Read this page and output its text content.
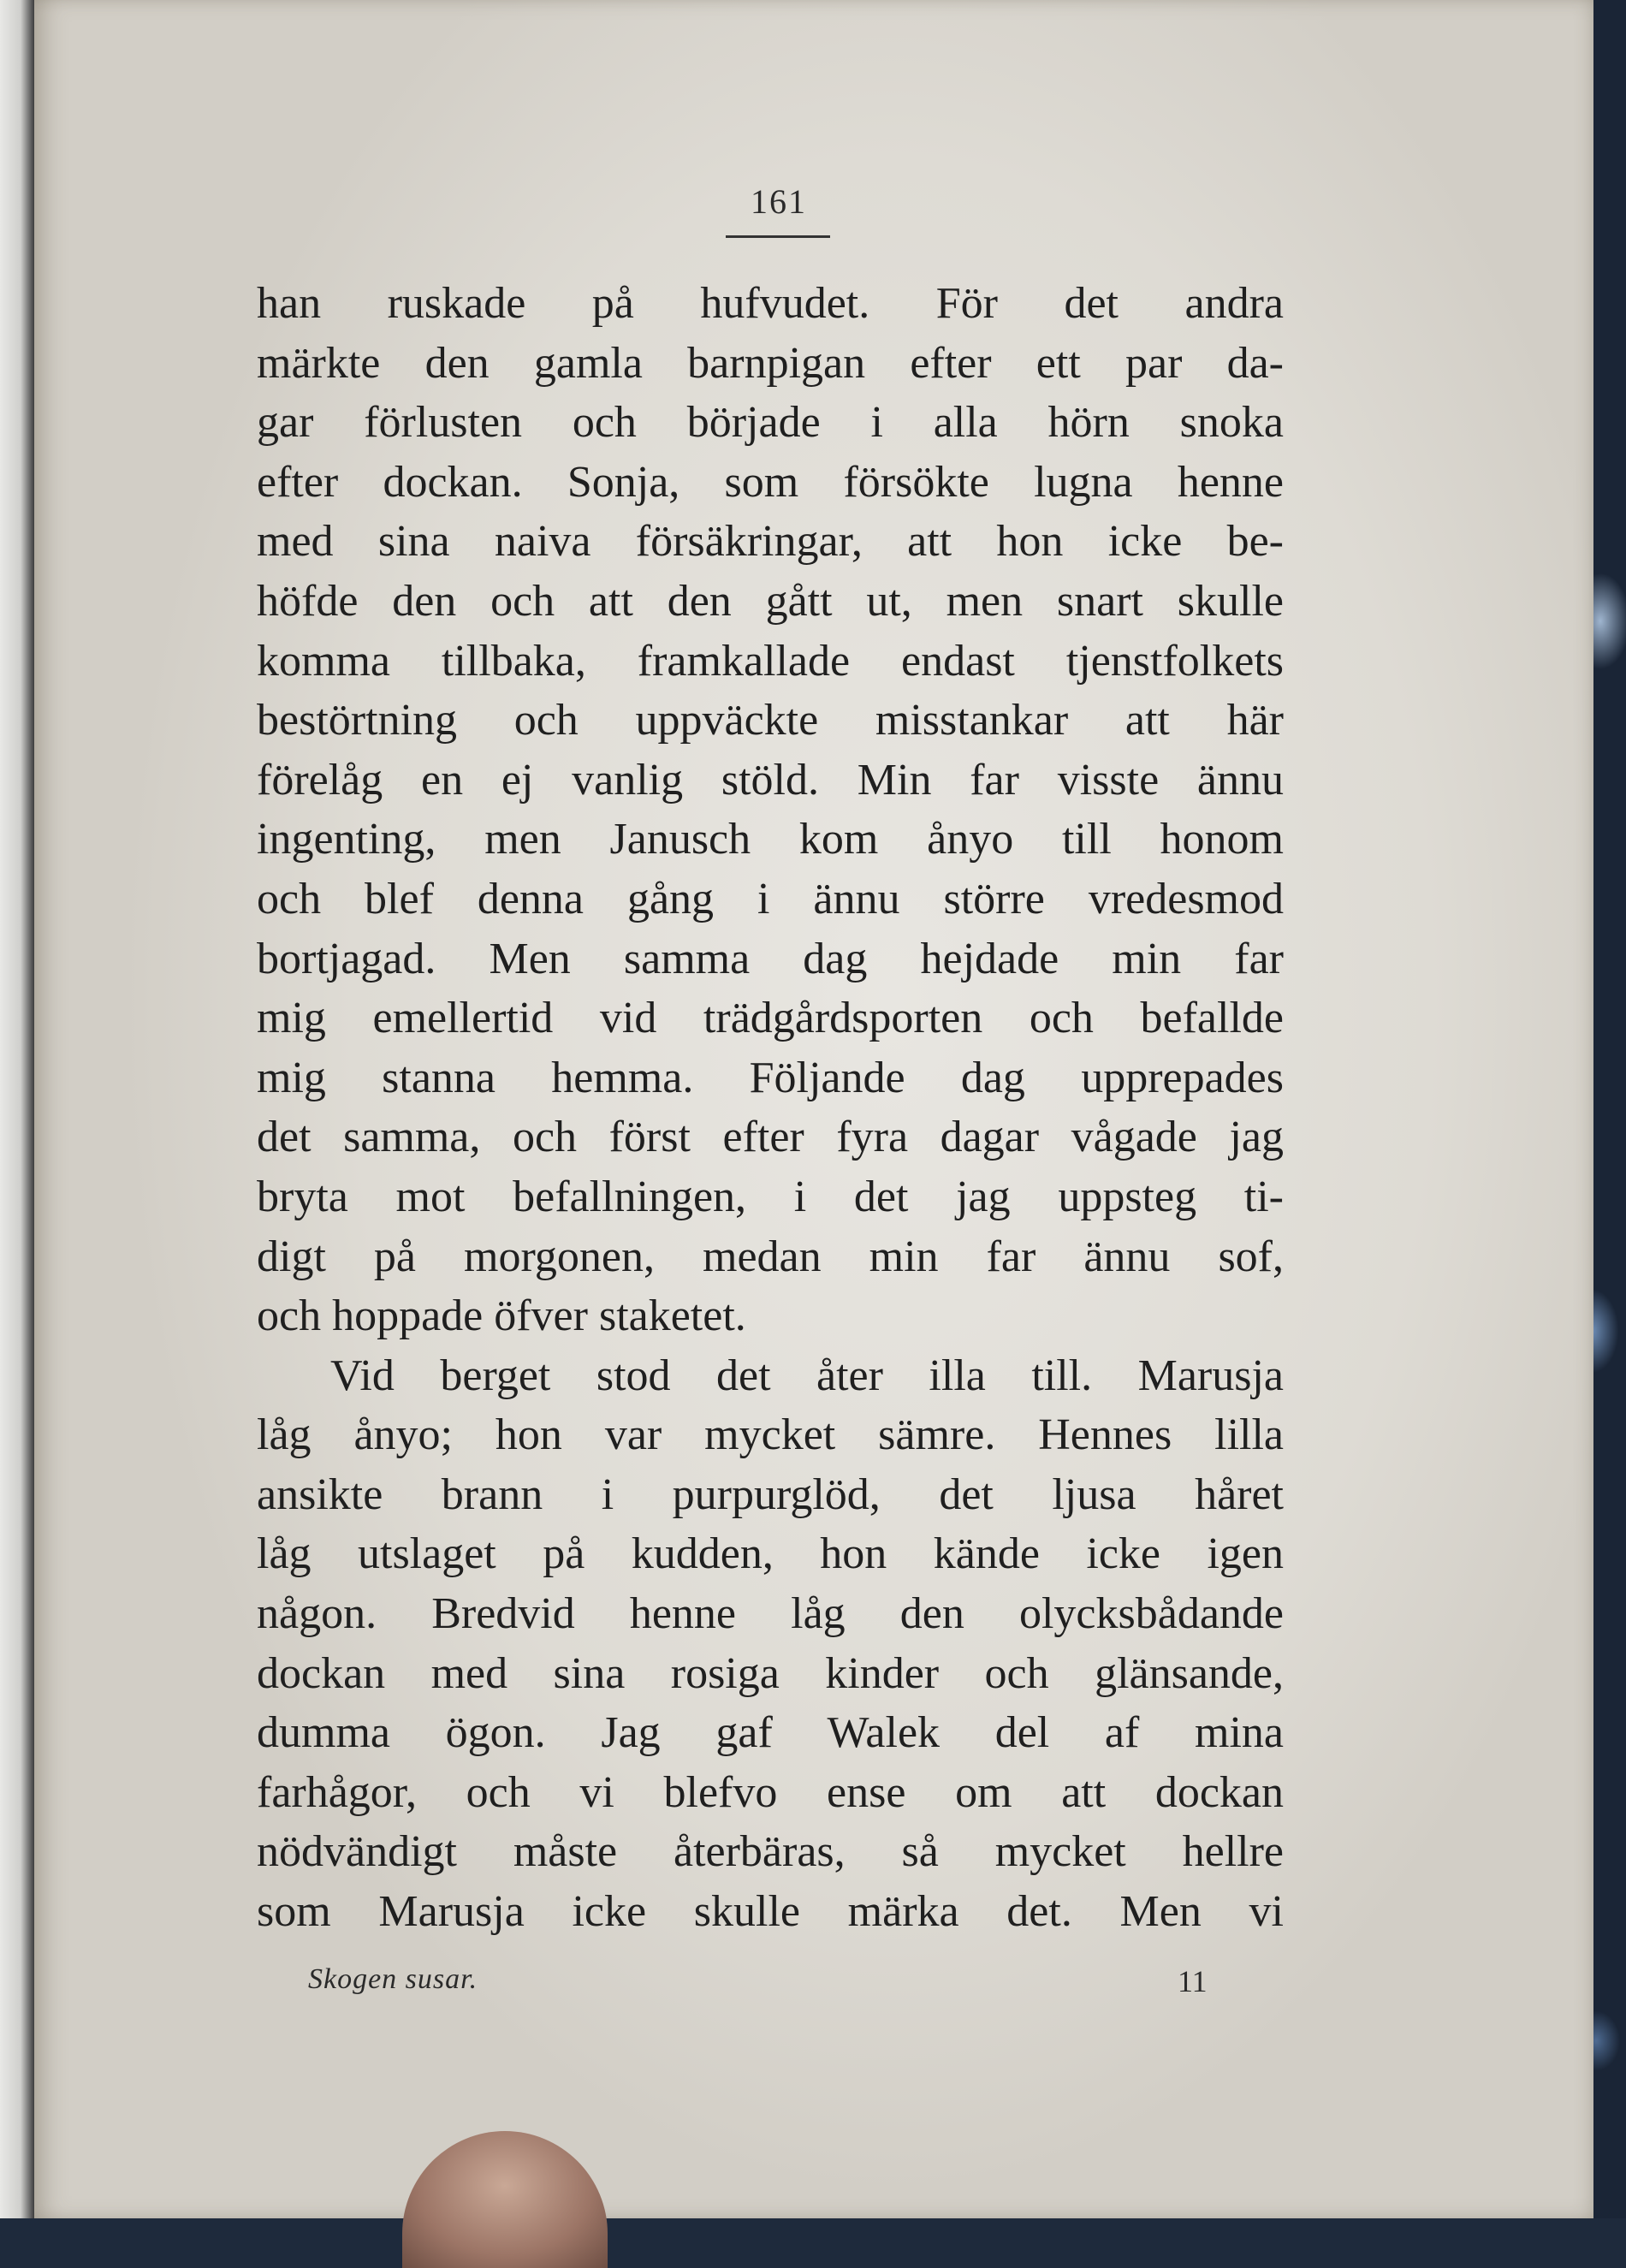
161
han ruskade på hufvudet. För det andra
märkte den gamla barnpigan efter ett par da-
gar förlusten och började i alla hörn snoka
efter dockan. Sonja, som försökte lugna henne
med sina naiva försäkringar, att hon icke be-
höfde den och att den gått ut, men snart skulle
komma tillbaka, framkallade endast tjenstfolkets
bestörtning och uppväckte misstankar att här
förelåg en ej vanlig stöld. Min far visste ännu
ingenting, men Janusch kom ånyo till honom
och blef denna gång i ännu större vredesmod
bortjagad. Men samma dag hejdade min far
mig emellertid vid trädgårdsporten och befallde
mig stanna hemma. Följande dag upprepades
det samma, och först efter fyra dagar vågade jag
bryta mot befallningen, i det jag uppsteg ti-
digt på morgonen, medan min far ännu sof,
och hoppade öfver staketet.
Vid berget stod det åter illa till. Marusja
låg ånyo; hon var mycket sämre. Hennes lilla
ansikte brann i purpurglöd, det ljusa håret
låg utslaget på kudden, hon kände icke igen
någon. Bredvid henne låg den olycksbådande
dockan med sina rosiga kinder och glänsande,
dumma ögon. Jag gaf Walek del af mina
farhågor, och vi blefvo ense om att dockan
nödvändigt måste återbäras, så mycket hellre
som Marusja icke skulle märka det. Men vi
Skogen susar.	11
